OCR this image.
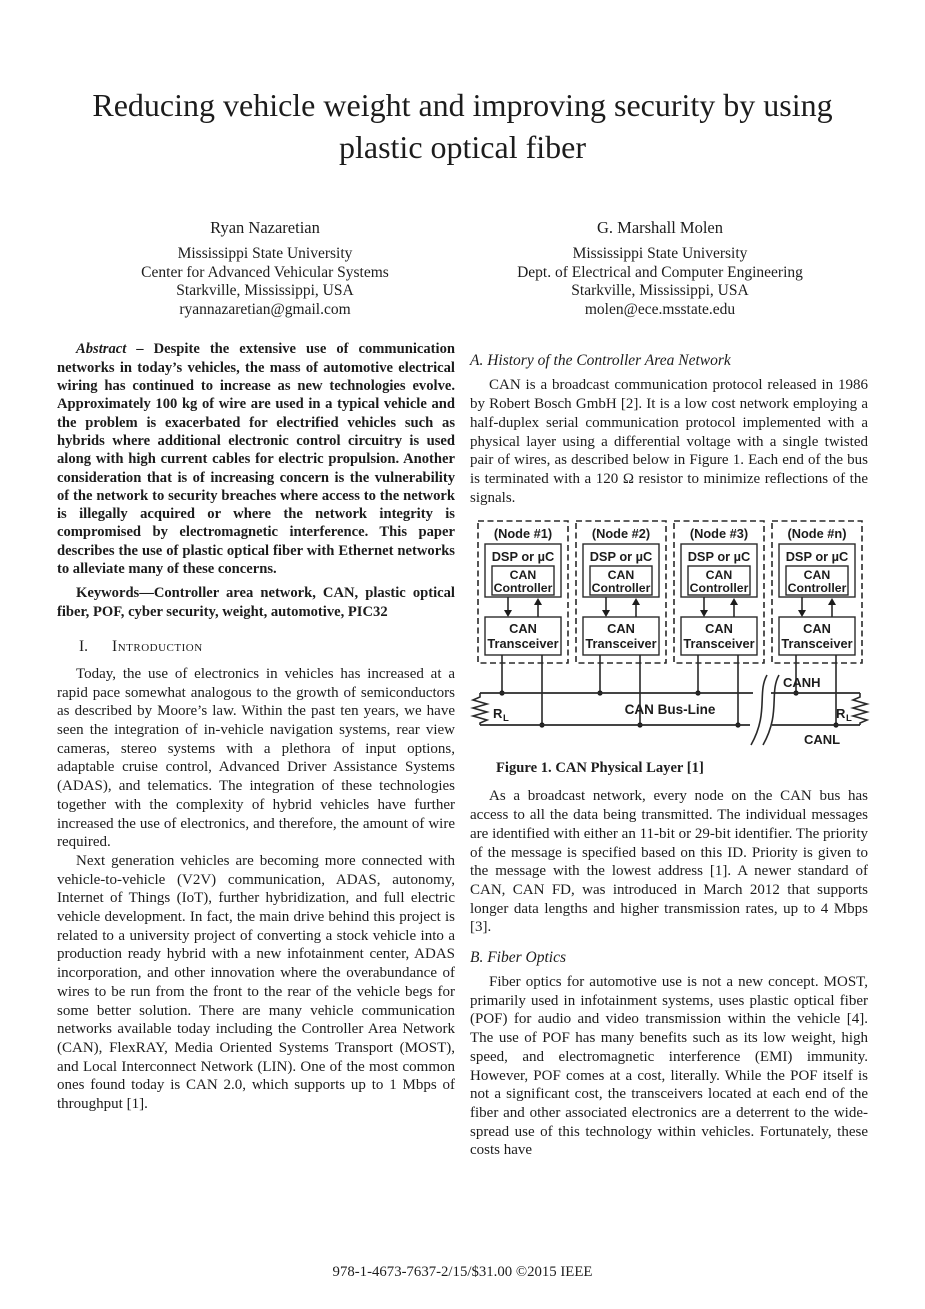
Reducing vehicle weight and improving security by using plastic optical fiber
Ryan Nazaretian
Mississippi State University
Center for Advanced Vehicular Systems
Starkville, Mississippi, USA
ryannazaretian@gmail.com
G. Marshall Molen
Mississippi State University
Dept. of Electrical and Computer Engineering
Starkville, Mississippi, USA
molen@ece.msstate.edu

Abstract – Despite the extensive use of communication networks in today’s vehicles, the mass of automotive electrical wiring has continued to increase as new technologies evolve. Approximately 100 kg of wire are used in a typical vehicle and the problem is exacerbated for electrified vehicles such as hybrids where additional electronic control circuitry is used along with high current cables for electric propulsion. Another consideration that is of increasing concern is the vulnerability of the network to security breaches where access to the network is illegally acquired or where the network integrity is compromised by electromagnetic interference. This paper describes the use of plastic optical fiber with Ethernet networks to alleviate many of these concerns.

Keywords—Controller area network, CAN, plastic optical fiber, POF, cyber security, weight, automotive, PIC32

I. Introduction

Today, the use of electronics in vehicles has increased at a rapid pace somewhat analogous to the growth of semiconductors as described by Moore’s law. Within the past ten years, we have seen the integration of in-vehicle navigation systems, rear view cameras, stereo systems with a plethora of input options, adaptable cruise control, Advanced Driver Assistance Systems (ADAS), and telematics. The integration of these technologies together with the complexity of hybrid vehicles have further increased the use of electronics, and therefore, the amount of wire required.

Next generation vehicles are becoming more connected with vehicle-to-vehicle (V2V) communication, ADAS, autonomy, Internet of Things (IoT), further hybridization, and full electric vehicle development. In fact, the main drive behind this project is related to a university project of converting a stock vehicle into a production ready hybrid with a new infotainment center, ADAS incorporation, and other innovation where the overabundance of wires to be run from the front to the rear of the vehicle begs for some better solution. There are many vehicle communication networks available today including the Controller Area Network (CAN), FlexRAY, Media Oriented Systems Transport (MOST), and Local Interconnect Network (LIN). One of the most common ones found today is CAN 2.0, which supports up to 1 Mbps of throughput [1].

A. History of the Controller Area Network

CAN is a broadcast communication protocol released in 1986 by Robert Bosch GmbH [2]. It is a low cost network employing a half-duplex serial communication protocol implemented with a physical layer using a differential voltage with a single twisted pair of wires, as described below in Figure 1. Each end of the bus is terminated with a 120 Ω resistor to minimize reflections of the signals.

(Node #1)
DSP or µC
CAN
Controller
CAN
Transceiver
(Node #2)
DSP or µC
CAN
Controller
CAN
Transceiver
(Node #3)
DSP or µC
CAN
Controller
CAN
Transceiver
(Node #n)
DSP or µC
CAN
Controller
CAN
Transceiver
R L	R L
CAN Bus-Line
CANH
CANL
Figure 1. CAN Physical Layer [1]

As a broadcast network, every node on the CAN bus has access to all the data being transmitted. The individual messages are identified with either an 11-bit or 29-bit identifier. The priority of the message is specified based on this ID. Priority is given to the message with the lowest address [1]. A newer standard of CAN, CAN FD, was introduced in March 2012 that supports longer data lengths and higher transmission rates, up to 4 Mbps [3].

B. Fiber Optics

Fiber optics for automotive use is not a new concept. MOST, primarily used in infotainment systems, uses plastic optical fiber (POF) for audio and video transmission within the vehicle [4]. The use of POF has many benefits such as its low weight, high speed, and electromagnetic interference (EMI) immunity. However, POF comes at a cost, literally. While the POF itself is not a significant cost, the transceivers located at each end of the fiber and other associated electronics are a deterrent to the wide-spread use of this technology within vehicles. Fortunately, these costs have

978-1-4673-7637-2/15/$31.00 ©2015 IEEE
